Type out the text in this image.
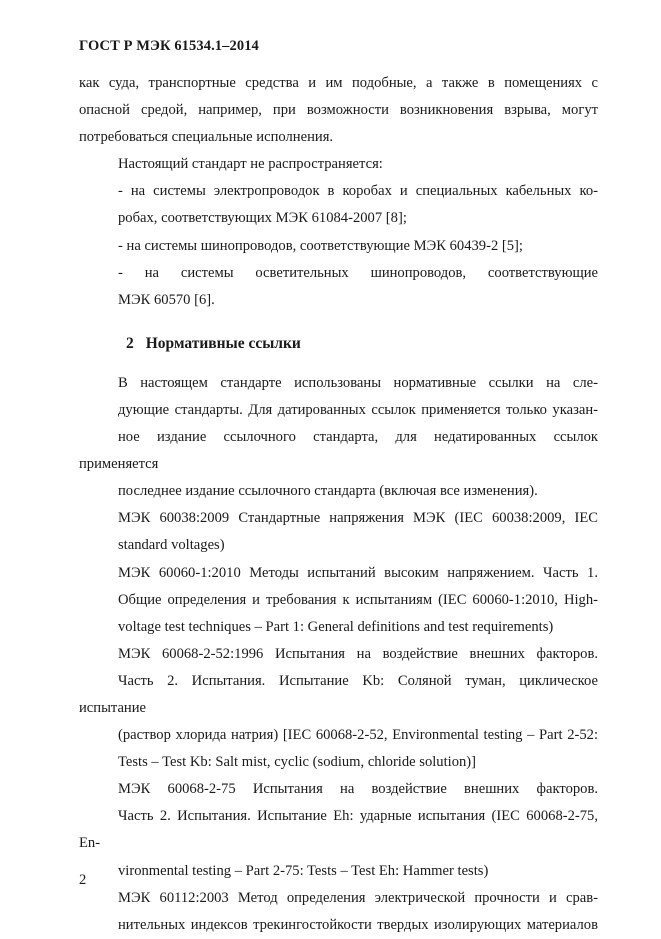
ГОСТ Р МЭК 61534.1–2014

как суда, транспортные средства и им подобные, а также в помещениях с
опасной средой, например, при возможности возникновения взрыва, могут
потребоваться специальные исполнения.

Настоящий стандарт не распространяется:

- на системы электропроводок в коробах и специальных кабельных ко-
робах, соответствующих МЭК 61084-2007 [8];

- на системы шинопроводов, соответствующие МЭК 60439-2 [5];

- на системы осветительных шинопроводов, соответствующие
МЭК 60570 [6].

2 Нормативные ссылки

В настоящем стандарте использованы нормативные ссылки на сле-
дующие стандарты. Для датированных ссылок применяется только указан-
ное издание ссылочного стандарта, для недатированных ссылок применяется
последнее издание ссылочного стандарта (включая все изменения).

МЭК 60038:2009 Стандартные напряжения МЭК (IEC 60038:2009, IEC
standard voltages)

МЭК 60060-1:2010 Методы испытаний высоким напряжением. Часть 1.
Общие определения и требования к испытаниям (IEC 60060-1:2010, High-
voltage test techniques – Part 1: General definitions and test requirements)

МЭК 60068-2-52:1996 Испытания на воздействие внешних факторов.
Часть 2. Испытания. Испытание Kb: Соляной туман, циклическое испытание
(раствор хлорида натрия) [IEC 60068-2-52, Environmental testing – Part 2-52:
Tests – Test Kb: Salt mist, cyclic (sodium, chloride solution)]

МЭК 60068-2-75 Испытания на воздействие внешних факторов.
Часть 2. Испытания. Испытание Eh: ударные испытания (IEC 60068-2-75, En-
vironmental testing – Part 2-75: Tests – Test Eh: Hammer tests)

МЭК 60112:2003 Метод определения электрической прочности и срав-
нительных индексов трекингостойкости твердых изолирующих материалов

2
